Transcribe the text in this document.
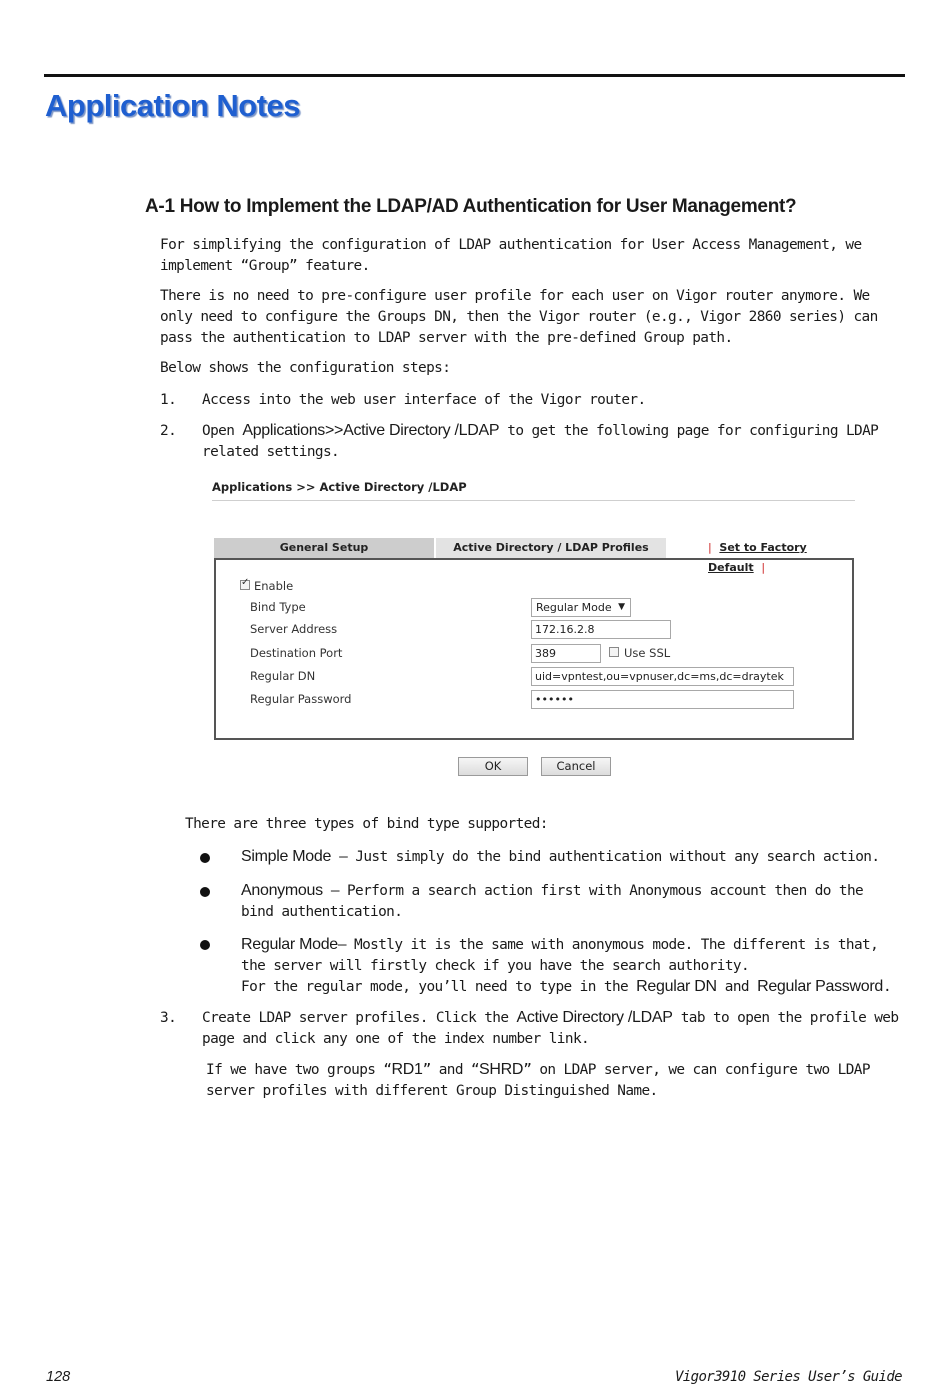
Application Notes
A-1 How to Implement the LDAP/AD Authentication for User Management?
For simplifying the configuration of LDAP authentication for User Access Management, we implement “Group” feature.
There is no need to pre-configure user profile for each user on Vigor router anymore. We only need to configure the Groups DN, then the Vigor router (e.g., Vigor 2860 series) can pass the authentication to LDAP server with the pre-defined Group path.
Below shows the configuration steps:
1. Access into the web user interface of the Vigor router.
2. Open Applications>>Active Directory /LDAP to get the following page for configuring LDAP related settings.
Applications >> Active Directory /LDAP
General Setup	Active Directory / LDAP Profiles	| Set to Factory Default |
✓
Enable
Bind Type	Regular Mode ▼
Server Address	172.16.2.8
Destination Port	389	Use SSL
Regular DN	uid=vpntest,ou=vpnuser,dc=ms,dc=draytek
Regular Password	••••••
OK	Cancel
There are three types of bind type supported:
Simple Mode – Just simply do the bind authentication without any search action.
Anonymous – Perform a search action first with Anonymous account then do the bind authentication.
Regular Mode– Mostly it is the same with anonymous mode. The different is that, the server will firstly check if you have the search authority.
For the regular mode, you’ll need to type in the Regular DN and Regular Password.
3. Create LDAP server profiles. Click the Active Directory /LDAP tab to open the profile web page and click any one of the index number link.
If we have two groups “RD1” and “SHRD” on LDAP server, we can configure two LDAP server profiles with different Group Distinguished Name.
128	Vigor3910 Series User’s Guide
